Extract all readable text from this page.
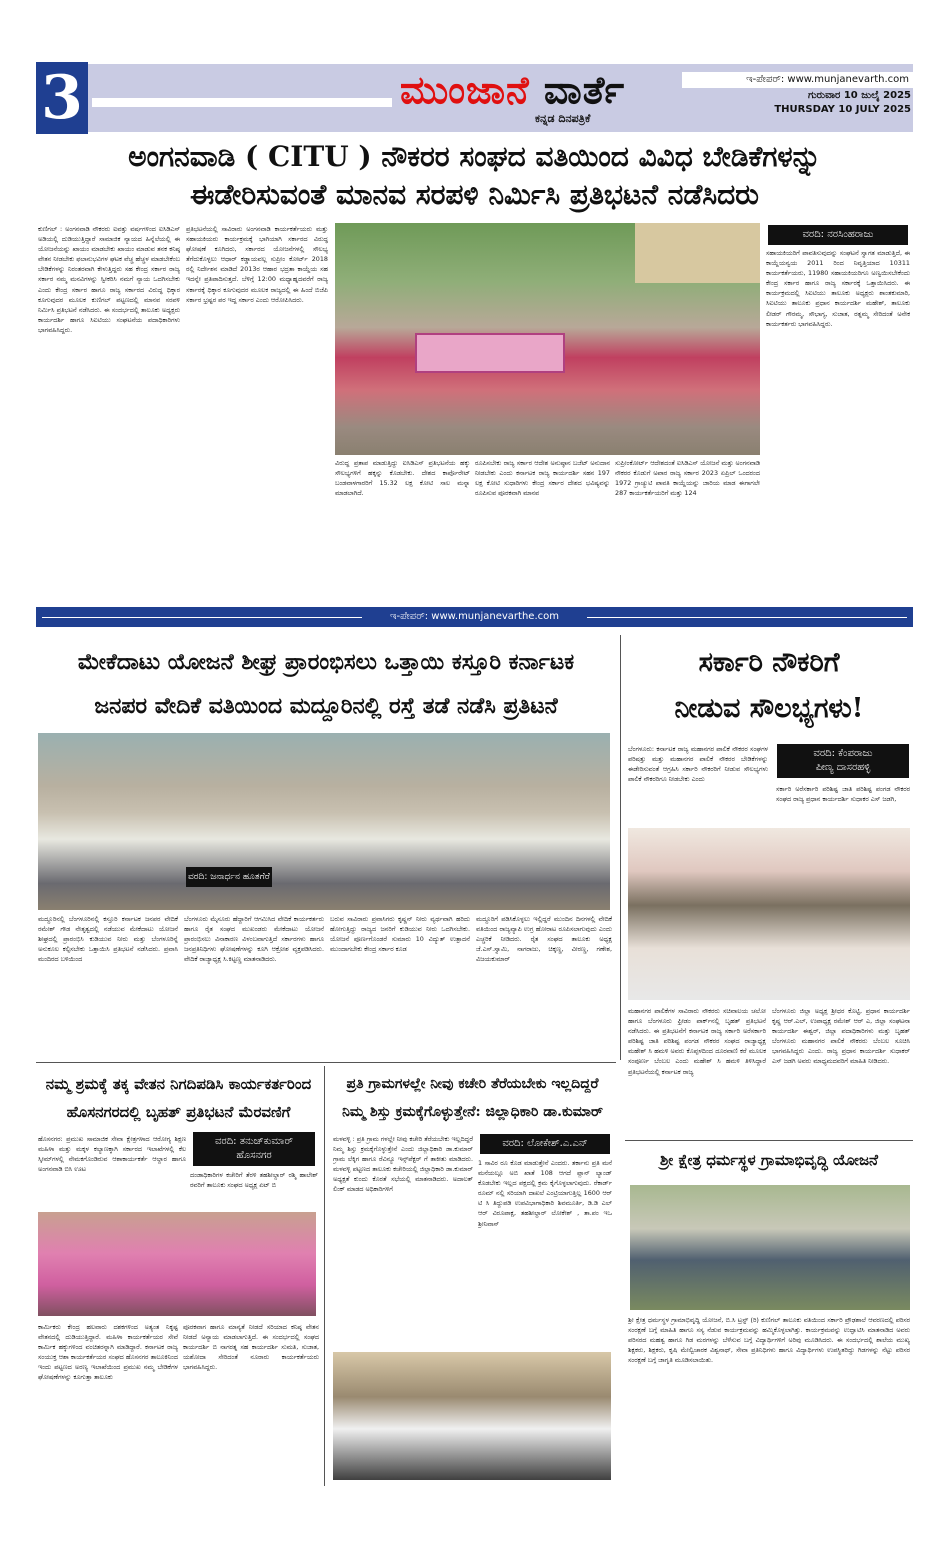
3	ಮುಂಜಾನೆ ವಾರ್ತೆ
ಕನ್ನಡ ದಿನಪತ್ರಿಕೆ
ಇ-ಪೇಪರ್: www.munjanevarth.com
ಗುರುವಾರ 10 ಜುಲೈ 2025
THURSDAY 10 JULY 2025
ಅಂಗನವಾಡಿ ( CITU ) ನೌಕರರ ಸಂಘದ ವತಿಯಿಂದ ವಿವಿಧ ಬೇಡಿಕೆಗಳನ್ನು
ಈಡೇರಿಸುವಂತೆ ಮಾನವ ಸರಪಳಿ ನಿರ್ಮಿಸಿ ಪ್ರತಿಭಟನೆ ನಡೆಸಿದರು
ಕುಣಿಗಲ್ : ಅಂಗನವಾಡಿ ನೌಕರರು ಐವತ್ತು ವರ್ಷಗಳಿಂದ ಐಸಿಡಿಎಸ್ ಅಡಿಯಲ್ಲಿ ದುಡಿಯುತ್ತಿದ್ದಾರೆ ಸಾಮಾಜಿಕ ನ್ಯಾಯದ ಹಿನ್ನೆಲೆಯಲ್ಲಿ ಈ ಯೋಜನೆಯನ್ನು ಖಾಯಂ ಮಾಡಬೇಕು ಖಾಯಂ ಮಾಡುವ ತನಕ ಕನಿಷ್ಠ ವೇತನ ನೀಡಬೇಕು ಫಲಾನುಭವಿಗಳ ಘಟಕ ವೆಚ್ಚ ಹೆಚ್ಚಳ ಮಾಡಬೇಕೆಂಬ ಬೇಡಿಕೆಗಳನ್ನು ನಿರಂತರವಾಗಿ ಕೇಳುತ್ತಿದ್ದರು ಸಹ ಕೇಂದ್ರ ಸರ್ಕಾರ ರಾಜ್ಯ ಸರ್ಕಾರ ನಮ್ಮ ಮನವಿಗಳನ್ನು ಸ್ವೀಕರಿಸಿ ನಮಗೆ ನ್ಯಾಯ ಒದಗಿಸಬೇಕು ಎಂದು ಕೇಂದ್ರ ಸರ್ಕಾರ ಹಾಗೂ ರಾಜ್ಯ ಸರ್ಕಾರದ ವಿರುದ್ಧ ಧಿಕ್ಕಾರ ಕೂಗುವುದರ ಮೂಲಕ ಕುಣಿಗಲ್ ಪಟ್ಟಣದಲ್ಲಿ ಮಾನವ ಸರಪಳಿ ನಿರ್ಮಿಸಿ ಪ್ರತಿಭಟನೆ ನಡೆಸಿದರು. ಈ ಸಂದರ್ಭದಲ್ಲಿ ತಾಲೂಕು ಅಧ್ಯಕ್ಷರು ಕಾರ್ಯದರ್ಶಿ ಹಾಗೂ ಸಿಐಟಿಯು ಸಂಘಟನೆಯ ಪದಾಧಿಕಾರಿಗಳು ಭಾಗವಹಿಸಿದ್ದರು.
ಪ್ರತಿಭಟನೆಯಲ್ಲಿ ಸಾವಿರಾರು ಅಂಗನವಾಡಿ ಕಾರ್ಯಕರ್ತೆಯರು ಮತ್ತು ಸಹಾಯಕಿಯರು ಕಾರ್ಯಕ್ರಮಕ್ಕೆ ಭಾಗಿಯಾಗಿ ಸರ್ಕಾರದ ವಿರುದ್ಧ ಘೋಷಣೆ ಕೂಗಿದರು, ಸರ್ಕಾರದ ಯೋಜನೆಗಳಲ್ಲಿ ಸೌಲಭ್ಯ ತೆಗೆದುಕೊಳ್ಳಲು ಆಧಾರ್ ಕಡ್ಡಾಯವಲ್ಲ ಸುಪ್ರೀಂ ಕೋರ್ಟ್ 2018 ರಲ್ಲಿ ನಿರ್ದೇಶನ ಮಾಡಿದೆ 2013ರ ಆಹಾರ ಭದ್ರತಾ ಕಾಯ್ದೆಯ ಸಹ ಇದನ್ನೇ ಪ್ರತಿಪಾದಿಸುತ್ತದೆ. ಬೆಳಿಗ್ಗೆ 12:00 ಮಧ್ಯಾಹ್ನದವರೆಗೆ ರಾಜ್ಯ ಸರ್ಕಾರಕ್ಕೆ ಧಿಕ್ಕಾರ ಕೂಗುವುದರ ಮೂಲಕ ರಾಜ್ಯದಲ್ಲಿ ಈ ಹಿಂದೆ ಬಿಜೆಪಿ ಸರ್ಕಾರ ಭ್ರಷ್ಟರ ಪರ ಇದ್ದ ಸರ್ಕಾರ ಎಂದು ಆರೋಪಿಸಿದರು.
ವಿರುದ್ಧ ಪ್ರತಾಪ ಮಾಡುತ್ತಿದ್ದು ಐಸಿಡಿಎಸ್ ಪ್ರತಿಭಟನೆಯ ಹಕ್ಕು ಸೌಲಭ್ಯಗಳಿಗೆ ಹಕ್ಕನ್ನು ಕೊಡಬೇಕು. ದೇಶದ ಕಾರ್ಪೊರೇಟ್ ಬಂಡವಾಳಗಾರರಿಗೆ 15.32 ಲಕ್ಷ ಕೋಟಿ ಸಾಲ ಮನ್ನಾ ಮಾಡಲಾಗಿದೆ.
ರೂಪಿಸಬೇಕು ರಾಜ್ಯ ಸರ್ಕಾರ ಆದೇಶ ಅನುಷ್ಠಾನ ಬಜೆಟ್ ಅನುದಾನ ನೀಡಬೇಕು ಎಂದು ಕರ್ನಾಟಕ ರಾಜ್ಯ ಕಾರ್ಯದರ್ಶಿ ಸಹನ 197 ಲಕ್ಷ ಕೋಟಿ ಸುಧಾರಿಗಳು ಕೇಂದ್ರ ಸರ್ಕಾರ ದೇಶದ ಭವಿಷ್ಯವನ್ನು ರೂಪಿಸುವ ಪೂರಕವಾಗಿ ಮಾನವ
ಸುಪ್ರೀಂಕೋರ್ಟ್ ಆದೇಶದಂತೆ ಐಸಿಡಿಎಸ್ ಯೋಜನೆ ಮತ್ತು ಅಂಗನವಾಡಿ ನೌಕರರ ಕೊಡುಗೆ ಅಪಾರ ರಾಜ್ಯ ಸರ್ಕಾರ 2023 ಏಪ್ರಿಲ್ ಒಂದರಂದ 1972 ಗ್ರಾಚ್ಯುಟಿ ಪಾವತಿ ಕಾಯ್ದೆಯನ್ನು ಜಾರಿಯ ಮಾಡ ಈಗಾಗಲೇ 287 ಕಾರ್ಯಕರ್ತೆಯರಿಗೆ ಮತ್ತು 124
ವರದಿ: ನರಸಿಂಹರಾಜು
ಸಹಾಯಕಿಯರಿಗೆ ಪಾವತಿಸುವುದನ್ನು ಸಂಘಟನೆ ಸ್ವಾಗತ ಮಾಡುತ್ತಿದೆ, ಈ ಕಾಯ್ದೆಯನ್ವಯ 2011 ರಿಂದ ನಿವೃತ್ತಿಯಾದ 10311 ಕಾರ್ಯಕರ್ತೆಯರು, 11980 ಸಹಾಯಕಿಯರಿಗೂ ಅಣ್ವಯಿಸಬೇಕೆಂದು ಕೇಂದ್ರ ಸರ್ಕಾರ ಹಾಗೂ ರಾಜ್ಯ ಸರ್ಕಾರಕ್ಕೆ ಒತ್ತಾಯಿಸಿದರು. ಈ ಕಾರ್ಯಕ್ರಮದಲ್ಲಿ ಸಿಐಟಿಯು ತಾಲೂಕು ಅಧ್ಯಕ್ಷರು ಶಾಂತಕುಮಾರಿ, ಸಿಐಟಿಯು ತಾಲೂಕು ಪ್ರಧಾನ ಕಾರ್ಯದರ್ಶಿ ಮಹೇಶ್, ತಾಲೂಕು ಲೀಡರ್ ಗೌರಮ್ಮ, ಸೌಭಾಗ್ಯ, ಸುಜಾತ, ರತ್ನಮ್ಮ ಸೇರಿದಂತೆ ಅನೇಕ ಕಾರ್ಯಕರ್ತರು ಭಾಗವಹಿಸಿದ್ದರು.
ಇ-ಪೇಪರ್: www.munjanevarthe.com
ಮೇಕೆದಾಟು ಯೋಜನೆ ಶೀಘ್ರ ಪ್ರಾರಂಭಿಸಲು ಒತ್ತಾಯಿ ಕಸ್ತೂರಿ ಕರ್ನಾಟಕ
ಜನಪರ ವೇದಿಕೆ ವತಿಯಿಂದ ಮದ್ದೂರಿನಲ್ಲಿ ರಸ್ತೆ ತಡೆ ನಡೆಸಿ ಪ್ರತಿಟನೆ
ವರದಿ: ಜನಾರ್ಧನ ಹೂತಗೆರೆ
ಮದ್ದೂರಿನಲ್ಲಿ ಬೆಂಗಳೂರಿನಲ್ಲಿ ಕಸ್ತೂರಿ ಕರ್ನಾಟಕ ಜನಪರ ವೇದಿಕೆ ರಮೇಶ್ ಗೌಡ ನೇತೃತ್ವದಲ್ಲಿ ನಡೆಯುವ ಮೇಕೆದಾಟು ಯೋಜನೆ ಶೀಘ್ರದಲ್ಲಿ ಪ್ರಾರಂಭಿಸಿ ಕುಡಿಯುವ ನೀರು ಮತ್ತು ಬೆಂಗಳೂರಿನ್ನೆ ಅನುಕೂಲ ಕಲ್ಪಿಸಬೇಕು ಒತ್ತಾಯಿಸಿ ಪ್ರತಿಭಟನೆ ನಡೆಸಿದರು. ಪ್ರವಾಸಿ ಮಂದಿರದ ಬಳಿಯಿಂದ
ಬೆಂಗಳೂರು ಮೈಸೂರು ಹೆದ್ದಾರಿಗೆ ಆಗಮಿಸಿದ ವೇದಿಕೆ ಕಾರ್ಯಕರ್ತರು ಹಾಗೂ ರೈತ ಸಂಘದ ಮುಖಂಡರು ಮೇಕೆದಾಟು ಯೋಜನೆ ಪ್ರಾರಂಭಿಸಲು ವಿನಾಕಾರಣ ವಿಳಂಬವಾಗುತ್ತಿದೆ ಸರ್ಕಾರಗಳು ಹಾಗೂ ಜನಪ್ರತಿನಿಧಿಗಳು ಘೋಷಣೆಗಳನ್ನು ಕೂಗಿ ಆಕ್ರೋಶ ವ್ಯಕ್ತಪಡಿಸಿದರು. ವೇದಿಕೆ ರಾಜ್ಯಾಧ್ಯಕ್ಷ ಸಿ.ಕಿಟ್ಟಣ್ಣ ಮಾತನಾಡಿದರು.
ಬರುವ ಸಾವಿರಾರು ಪ್ರವಾಸಿಗರು ಕೃಷ್ಣನ್ ನೀರು ವ್ಯರ್ಥವಾಗಿ ಹರಿದು ಹೋಗುತ್ತಿದ್ದು ರಾಜ್ಯದ ಜನರಿಗೆ ಕುಡಿಯುವ ನೀರು ಒದಗಿಸಬೇಕು. ಯೋಜನೆ ಪೂರ್ಣಗೊಂಡರೆ ಸುಮಾರು 10 ವಿದ್ಯುತ್ ಉತ್ಪಾದನೆ ಮುಂದಾಗಬೇಕು ಕೇಂದ್ರ ಸರ್ಕಾರ ಕೂಡ
ಮದ್ದೂರಿಗೆ ಪಡಿಸಿಕೊಳ್ಳಲು ಇಲ್ಲಿದ್ದರೆ ಮುಂದಿನ ದಿನಗಳಲ್ಲಿ ವೇದಿಕೆ ವತಿಯಿಂದ ರಾಜ್ಯವ್ಯಾಪಿ ಉಗ್ರ ಹೋರಾಟ ರೂಪಿಸಲಾಗುವುದು ಎಂದು ಎಚ್ಚರಿಕೆ ನೀಡಿದರು. ರೈತ ಸಂಘದ ತಾಲೂಕು ಅಧ್ಯಕ್ಷ ಜೆ.ಎಸ್.ಸ್ವಾಮಿ, ನಾಗರಾಜು, ಚಿಕ್ಕಣ್ಣ, ವೀರಣ್ಣ, ಗಣೇಶ, ವಿಜಯಕುಮಾರ್
ಸರ್ಕಾರಿ ನೌಕರಿಗೆ
ನೀಡುವ ಸೌಲಭ್ಯಗಳು!
ಬೆಂಗಳೂರು: ಕರ್ನಾಟಕ ರಾಜ್ಯ ಮಹಾನಗರ ಪಾಲಿಕೆ ನೌಕರರ ಸಂಘಗಳ ಪರಿಷತ್ತು ಮತ್ತು ಮಹಾನಗರ ಪಾಲಿಕೆ ನೌಕರರ ಬೇಡಿಕೆಗಳನ್ನು ಈಡೇರಿಸುವಂತೆ ಆಗ್ರಹಿಸಿ ಸರ್ಕಾರಿ ನೌಕರರಿಗೆ ನೀಡುವ ಸೌಲಭ್ಯಗಳು ಪಾಲಿಕೆ ನೌಕರರಿಗೂ ನೀಡಬೇಕು ಎಂದು
ವರದಿ: ಕೆಂಪರಾಜು
ಪೀಣ್ಯ ದಾಸರಹಳ್ಳಿ
ಸರ್ಕಾರಿ ಅರೆಸರ್ಕಾರಿ ಪರಿಶಿಷ್ಟ ಜಾತಿ ಪರಿಶಿಷ್ಟ ಪಂಗಡ ನೌಕರರ ಸಂಘದ ರಾಜ್ಯ ಪ್ರಧಾನ ಕಾರ್ಯದರ್ಶಿ ಸುಧಾಕರ ಎಸ್ ಜಡಗಿ,
ಮಹಾನಗರ ಪಾಲಿಕೆಗಳ ಸಾವಿರಾರು ನೌಕರರು ಸಚಿವಾಲಯ ಚಲೋ ಹಾಗೂ ಬೆಂಗಳೂರು ಫ್ರೀಡಂ ಪಾರ್ಕ್‌ನಲ್ಲಿ ಬೃಹತ್ ಪ್ರತಿಭಟನೆ ನಡೆಸಿದರು. ಈ ಪ್ರತಿಭಟನೆಗೆ ಕರ್ನಾಟಕ ರಾಜ್ಯ ಸರ್ಕಾರಿ ಅರೆಸರ್ಕಾರಿ ಪರಿಶಿಷ್ಟ ಜಾತಿ ಪರಿಶಿಷ್ಟ ಪಂಗಡ ನೌಕರರ ಸಂಘದ ರಾಜ್ಯಾಧ್ಯಕ್ಷ ಮಹೇಶ್ ಸಿ ಹಮಳಿ ಅವರು ಕೊಪ್ಪಳದಿಂದ ದೂರವಾಣಿ ಕರೆ ಮೂಲಕ ಸಂಪೂರ್ಣ ಬೆಂಬಲ ಎಂದು ಮಹೇಶ್ ಸಿ ಹಮಳಿ ತಿಳಿಸಿದ್ದಾರೆ ಪ್ರತಿಭಟನೆಯಲ್ಲಿ ಕರ್ನಾಟಕ ರಾಜ್ಯ
ಬೆಂಗಳೂರು ಜಿಲ್ಲಾ ಅಧ್ಯಕ್ಷ ಶ್ರೀಧರ ಕೊಟ್ಟಿ, ಪ್ರಧಾನ ಕಾರ್ಯದರ್ಶಿ ಕೃಷ್ಣ ಆರ್.ಎಲ್, ಉಪಾಧ್ಯಕ್ಷ ರಮೇಶ್ ಆರ್ ಎ, ಜಿಲ್ಲಾ ಸಂಘಟನಾ ಕಾರ್ಯದರ್ಶಿ ಈಶ್ವರ್, ಜಿಲ್ಲಾ ಪದಾಧಿಕಾರಿಗಳು ಮತ್ತು ಬೃಹತ್ ಬೆಂಗಳೂರು ಮಹಾನಗರ ಪಾಲಿಕೆ ನೌಕರರು ಬೆಂಬಲ ಸೂಚಿಸಿ ಭಾಗವಹಿಸಿದ್ದರು ಎಂದು. ರಾಜ್ಯ ಪ್ರಧಾನ ಕಾರ್ಯದರ್ಶಿ ಸುಧಾಕರ್ ಎಸ್ ಜಡಗಿ ಅವರು ಮಾಧ್ಯಮದವರಿಗೆ ಮಾಹಿತಿ ನೀಡಿದರು.
ಶ್ರೀ ಕ್ಷೇತ್ರ ಧರ್ಮಸ್ಥಳ ಗ್ರಾಮಾಭಿವೃದ್ಧಿ ಯೋಜನೆ
ಶ್ರೀ ಕ್ಷೇತ್ರ ಧರ್ಮಸ್ಥಳ ಗ್ರಾಮಾಭಿವೃದ್ಧಿ ಯೋಜನೆ, ಬಿ.ಸಿ ಟ್ರಸ್ಟ್ (ರಿ) ಕುಣಿಗಲ್ ತಾಲೂಕು ವತಿಯಿಂದ ಸರ್ಕಾರಿ ಪ್ರೌಢಶಾಲೆ ಆವರಣದಲ್ಲಿ ಪರಿಸರ ಸಂರಕ್ಷಣೆ ಬಗ್ಗೆ ಮಾಹಿತಿ ಹಾಗೂ ಸಸ್ಯ ನೆಡುವ ಕಾರ್ಯಕ್ರಮವನ್ನು ಹಮ್ಮಿಕೊಳ್ಳಲಾಗಿತ್ತು. ಕಾರ್ಯಕ್ರಮವನ್ನು ಉದ್ಘಾಟಿಸಿ ಮಾತನಾಡಿದ ಅವರು ಪರಿಸರದ ಮಹತ್ವ ಹಾಗೂ ಗಿಡ ಮರಗಳನ್ನು ಬೆಳೆಸುವ ಬಗ್ಗೆ ವಿದ್ಯಾರ್ಥಿಗಳಿಗೆ ಅರಿವು ಮೂಡಿಸಿದರು. ಈ ಸಂದರ್ಭದಲ್ಲಿ ಶಾಲೆಯ ಮುಖ್ಯ ಶಿಕ್ಷಕರು, ಶಿಕ್ಷಕರು, ಕೃಷಿ ಮೇಲ್ವಿಚಾರಕ ವಿಶ್ವನಾಥ್, ಸೇವಾ ಪ್ರತಿನಿಧಿಗಳು ಹಾಗೂ ವಿದ್ಯಾರ್ಥಿಗಳು ಉಪಸ್ಥಿತರಿದ್ದು ಗಿಡಗಳನ್ನು ನೆಟ್ಟು ಪರಿಸರ ಸಂರಕ್ಷಣೆ ಬಗ್ಗೆ ಜಾಗೃತಿ ಮೂಡಿಸಲಾಯಿತು.
ನಮ್ಮ ಶ್ರಮಕ್ಕೆ ತಕ್ಕ ವೇತನ ನಿಗದಿಪಡಿಸಿ ಕಾರ್ಯಕರ್ತರಿಂದ
ಹೊಸನಗರದಲ್ಲಿ ಬೃಹತ್ ಪ್ರತಿಭಟನೆ ಮೆರವಣಿಗೆ
ಹೊಸನಗರ: ಪ್ರಮುಖ ಸಾಮಾಜಿಕ ಸೇವಾ ಕ್ಷೇತ್ರಗಳಾದ ಆರೋಗ್ಯ ಶಿಕ್ಷಣ ಮಹಿಳಾ ಮತ್ತು ಮಕ್ಕಳ ಕಲ್ಯಾಣಕ್ಕಾಗಿ ಸರ್ಕಾರದ ಇಲಾಖೆಗಳಲ್ಲಿ ಕೆಲ ಸ್ಕೀಮ್‌ಗಳಲ್ಲಿ ನೇಮಕಗೊಂಡಿರುವ ಆಶಾಕಾರ್ಯಕರ್ತೆ ಆಲ್ದಾರ ಹಾಗೂ ಅಂಗನವಾಡಿ ಬಿಸಿ ಊಟ
ವರದಿ: ತನುಜ್‌ಕುಮಾರ್
ಹೊಸನಗರ
ದಂಡಾಧಿಕಾರಿಗಳ ಕಚೇರಿಗೆ ತೆರಳಿ ತಹಶೀಲ್ದಾರ್ ರಶ್ಮಿ ಹಾಲೇಶ್ ರವರಿಗೆ ತಾಲೂಕು ಸಂಘದ ಅಧ್ಯಕ್ಷ ಏಟ್ ಬಿ
ಕಾರ್ಮಿಕರು ಕೇಂದ್ರ ಹಲವಾರು ದಶಕಗಳಿಂದ ಅತ್ಯಂತ ನಿಕೃಷ್ಟ ವೇತನದಲ್ಲಿ ದುಡಿಯುತ್ತಿದ್ದಾರೆ. ಮಹಿಳಾ ಕಾರ್ಯಕರ್ತೆಯರ ಸೇವೆ ಕಾರ್ಮಿಕ ಹಕ್ಕುಗಳಿಂದ ವಂಚಿತರನ್ನಾಗಿ ಮಾಡಿದ್ದಾರೆ. ಕರ್ನಾಟಕ ರಾಜ್ಯ ಸಂಯುಕ್ತ ಆಶಾ ಕಾರ್ಯಕರ್ತೆಯರ ಸಂಘದ ಹೊಸನಗರ ತಾಲೂಕಿನಿಂದ ಇಂದು ಪಟ್ಟಣದ ಅರಣ್ಯ ಇಲಾಖೆಯಿಂದ ಪ್ರಮುಖ ನಮ್ಮ ಬೇಡಿಕೆಗಳ ಘೋಷಣೆಗಳನ್ನು ಕೂಗುತ್ತಾ ತಾಲೂಕು
ಪೂರಕವಾಗ ಹಾಗೂ ಮಾನ್ಯತೆ ನೀಡದೆ ಸರಿಯಾದ ಕನಿಷ್ಠ ವೇತನ ನೀಡದೆ ಅನ್ಯಾಯ ಮಾಡಲಾಗುತ್ತಿದೆ. ಈ ಸಂದರ್ಭದಲ್ಲಿ ಸಂಘದ ಕಾರ್ಯದರ್ಶಿ ಬಿ ನಾಗರತ್ನ ಸಹ ಕಾರ್ಯದರ್ಶಿ ಸುಮತಿ, ಸುಜಾತ, ಯಶೋದಾ ಸೇರಿದಂತೆ ನೂರಾರು ಕಾರ್ಯಕರ್ತೆಯರು ಭಾಗವಹಿಸಿದ್ದರು.
ಪ್ರತಿ ಗ್ರಾಮಗಳಲ್ಲೇ ನೀವು ಕಚೇರಿ ತೆರೆಯಬೇಕು ಇಲ್ಲದಿದ್ದರೆ
ನಿಮ್ಮ ಶಿಸ್ತು ಕ್ರಮಕ್ಕೆಗೊಳ್ಳುತ್ತೇನೆ: ಜಿಲ್ಲಾಧಿಕಾರಿ ಡಾ.ಕುಮಾರ್
ಮಳವಳ್ಳಿ : ಪ್ರತಿ ಗ್ರಾಮ ಗಳಲ್ಲೇ ನೀವು ಕಚೇರಿ ತೆರೆಯಬೇಕು ಇಲ್ಲದಿದ್ದರೆ ನಿಮ್ಮ ಶಿಸ್ತು ಕ್ರಮಕ್ಕೆಗೊಳ್ಳುತ್ತೇನೆ ಎಂದು ಜಿಲ್ಲಾಧಿಕಾರಿ ಡಾ.ಕುಮಾರ್ ಗ್ರಾಮ ಲೆಕ್ಕಿಗ ಹಾಗೂ ರೆವಿನ್ಯೂ ಇನ್ಸ್‌ಪೆಕ್ಟರ್ ಗೆ ತಾಕೀತು ಮಾಡಿದರು. ಮಳವಳ್ಳಿ ಪಟ್ಟಣದ ತಾಲೂಕು ಕಚೇರಿಯಲ್ಲಿ ಜಿಲ್ಲಾಧಿಕಾರಿ ಡಾ.ಕುಮಾರ್ ಅಧ್ಯಕ್ಷತೆ ಕುಂದು ಕೊರತೆ ಸಭೆಯಲ್ಲಿ ಮಾತನಾಡಿದರು. ಅದಾಲತ್ ಲಿಂಕ್ ಮಾಡದ ಅಧಿಕಾರಿಗಳಿಗೆ
ವರದಿ: ಲೋಕೇಶ್.ಎ.ಎನ್
1 ಸಾವಿರ ರೂ ಕೊಡ ಮಾಡುತ್ತೇನೆ ಎಂದರು. ತರ್ಕಾನು ಪ್ರತಿ ಮನೆ ಮನೆಯಲ್ಲೂ ಅಬಿ ಖಾತೆ 108 ಆಗದೆ ಪ್ಲಾನ್ ಲ್ಯಾಂಡ್ ಕೊಡಬೇಕು ಇಲ್ಲದ ಪಕ್ಷದಲ್ಲಿ ಕ್ರಮ ಕೈಗೊಳ್ಳಲಾಗುವುದು. ರೆಕಾರ್ಡ್ ರೂಮ್ ನಲ್ಲಿ ಸರಿಯಾಗಿ ದಾಖಲೆ ಎಂಟ್ರಿಯಾಗುತ್ತಿಲ್ಲ 1600 ಆರ್ ಟಿ ಸಿ ತಿದ್ದುಪಡಿ ಉಪವಿಭಾಗಾಧಿಕಾರಿ ಶಿವಮೂರ್ತಿ, ಡಿ.ಡಿ ಎಲ್ ಆರ್ ವಿರೂಪಾಕ್ಷ, ತಹಶೀಲ್ದಾರ್ ಲೋಕೇಶ್ , ತಾ.ಪಂ ಇಒ ಶ್ರೀನಿವಾಸ್
